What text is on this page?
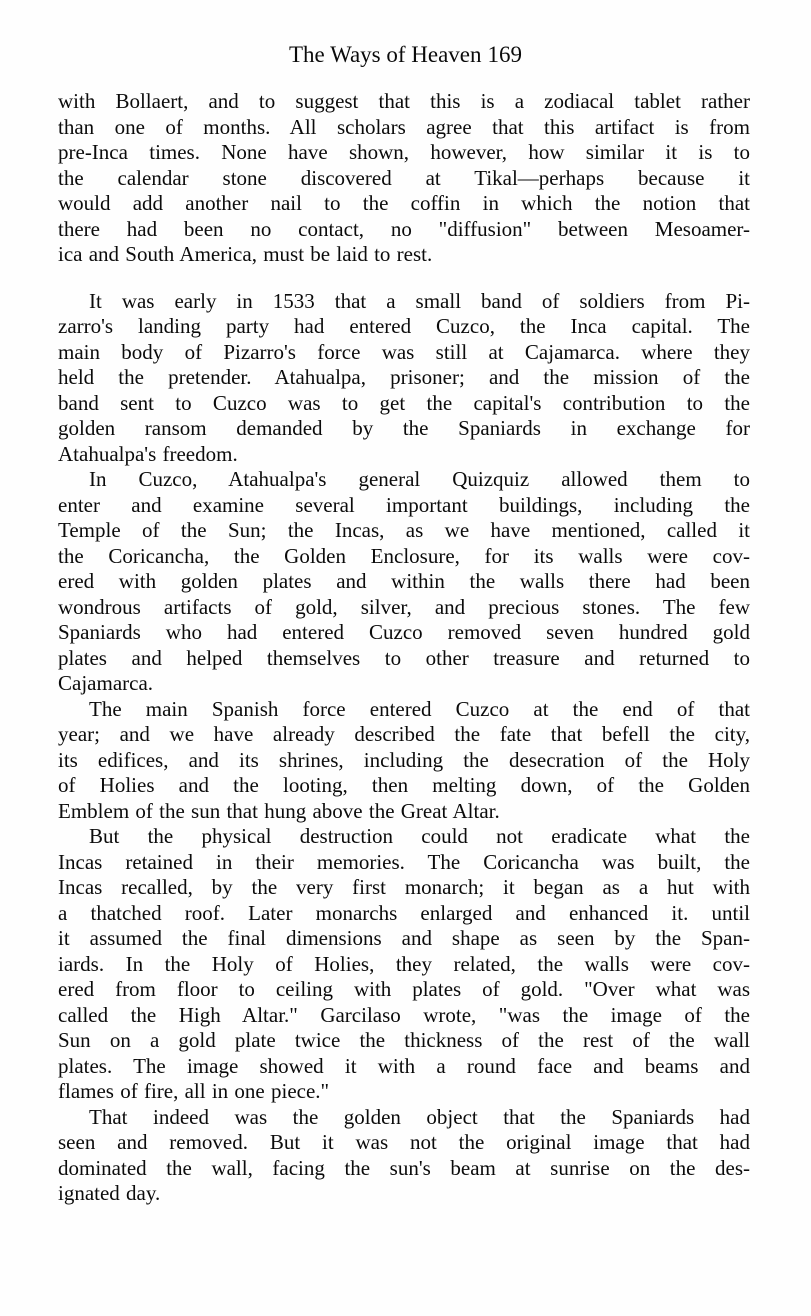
The Ways of Heaven 169
with Bollaert, and to suggest that this is a zodiacal tablet rather
than one of months. All scholars agree that this artifact is from
pre-Inca times. None have shown, however, how similar it is to
the calendar stone discovered at Tikal—perhaps because it
would add another nail to the coffin in which the notion that
there had been no contact, no "diffusion" between Mesoamer-
ica and South America, must be laid to rest.
It was early in 1533 that a small band of soldiers from Pi-
zarro's landing party had entered Cuzco, the Inca capital. The
main body of Pizarro's force was still at Cajamarca. where they
held the pretender. Atahualpa, prisoner; and the mission of the
band sent to Cuzco was to get the capital's contribution to the
golden ransom demanded by the Spaniards in exchange for
Atahualpa's freedom.
In Cuzco, Atahualpa's general Quizquiz allowed them to
enter and examine several important buildings, including the
Temple of the Sun; the Incas, as we have mentioned, called it
the Coricancha, the Golden Enclosure, for its walls were cov-
ered with golden plates and within the walls there had been
wondrous artifacts of gold, silver, and precious stones. The few
Spaniards who had entered Cuzco removed seven hundred gold
plates and helped themselves to other treasure and returned to
Cajamarca.
The main Spanish force entered Cuzco at the end of that
year; and we have already described the fate that befell the city,
its edifices, and its shrines, including the desecration of the Holy
of Holies and the looting, then melting down, of the Golden
Emblem of the sun that hung above the Great Altar.
But the physical destruction could not eradicate what the
Incas retained in their memories. The Coricancha was built, the
Incas recalled, by the very first monarch; it began as a hut with
a thatched roof. Later monarchs enlarged and enhanced it. until
it assumed the final dimensions and shape as seen by the Span-
iards. In the Holy of Holies, they related, the walls were cov-
ered from floor to ceiling with plates of gold. "Over what was
called the High Altar." Garcilaso wrote, "was the image of the
Sun on a gold plate twice the thickness of the rest of the wall
plates. The image showed it with a round face and beams and
flames of fire, all in one piece."
That indeed was the golden object that the Spaniards had
seen and removed. But it was not the original image that had
dominated the wall, facing the sun's beam at sunrise on the des-
ignated day.
